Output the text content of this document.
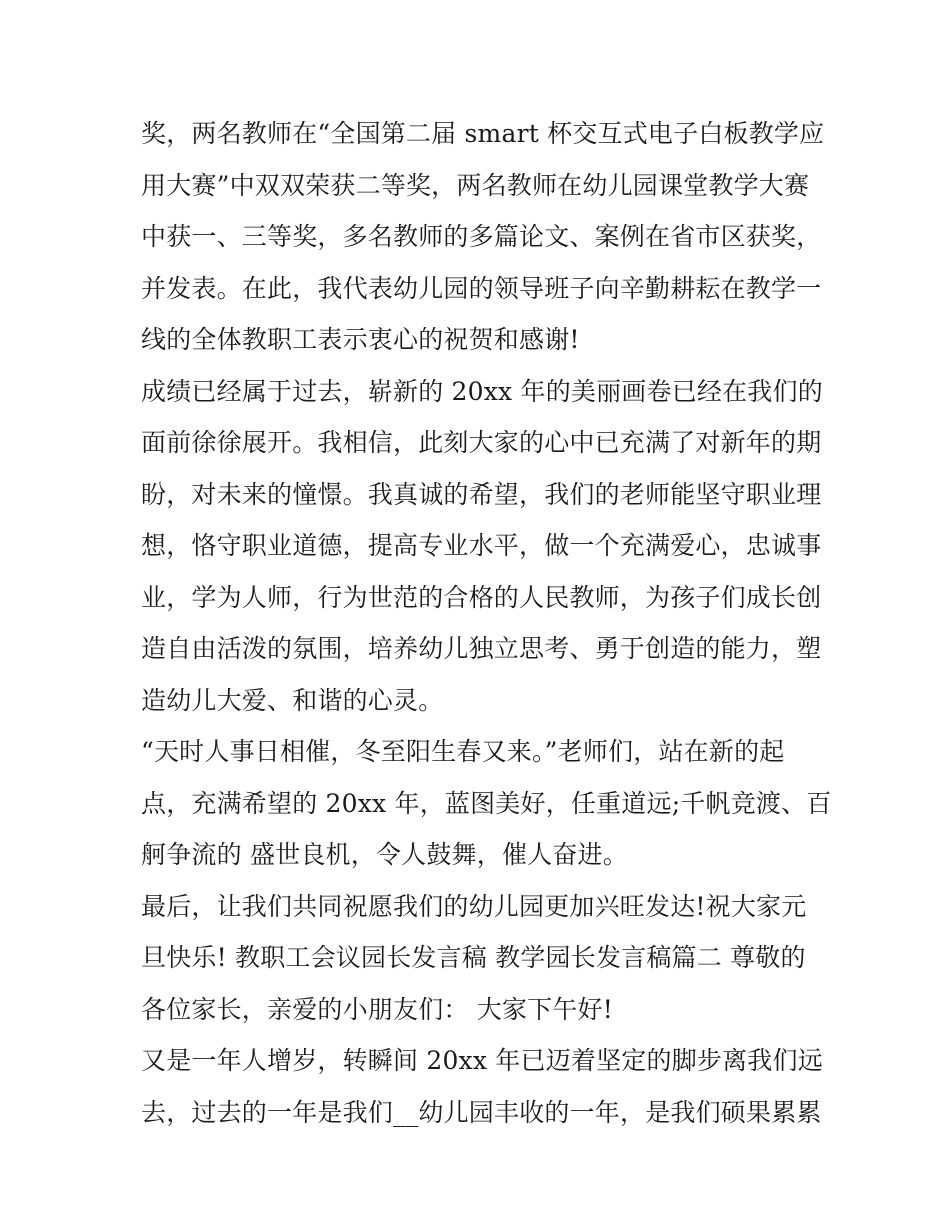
奖，两名教师在“全国第二届 smart 杯交互式电子白板教学应
用大赛”中双双荣获二等奖，两名教师在幼儿园课堂教学大赛
中获一、三等奖，多名教师的多篇论文、案例在省市区获奖，
并发表。在此，我代表幼儿园的领导班子向辛勤耕耘在教学一
线的全体教职工表示衷心的祝贺和感谢!
成绩已经属于过去，崭新的 20xx 年的美丽画卷已经在我们的
面前徐徐展开。我相信，此刻大家的心中已充满了对新年的期
盼，对未来的憧憬。我真诚的希望，我们的老师能坚守职业理
想，恪守职业道德，提高专业水平，做一个充满爱心，忠诚事
业，学为人师，行为世范的合格的人民教师，为孩子们成长创
造自由活泼的氛围，培养幼儿独立思考、勇于创造的能力，塑
造幼儿大爱、和谐的心灵。
“天时人事日相催，冬至阳生春又来。”老师们，站在新的起
点，充满希望的 20xx 年，蓝图美好，任重道远;千帆竞渡、百
舸争流的 盛世良机，令人鼓舞，催人奋进。
最后，让我们共同祝愿我们的幼儿园更加兴旺发达!祝大家元
旦快乐! 教职工会议园长发言稿 教学园长发言稿篇二 尊敬的
各位家长，亲爱的小朋友们： 大家下午好!
又是一年人增岁，转瞬间 20xx 年已迈着坚定的脚步离我们远
去，过去的一年是我们__幼儿园丰收的一年，是我们硕果累累
